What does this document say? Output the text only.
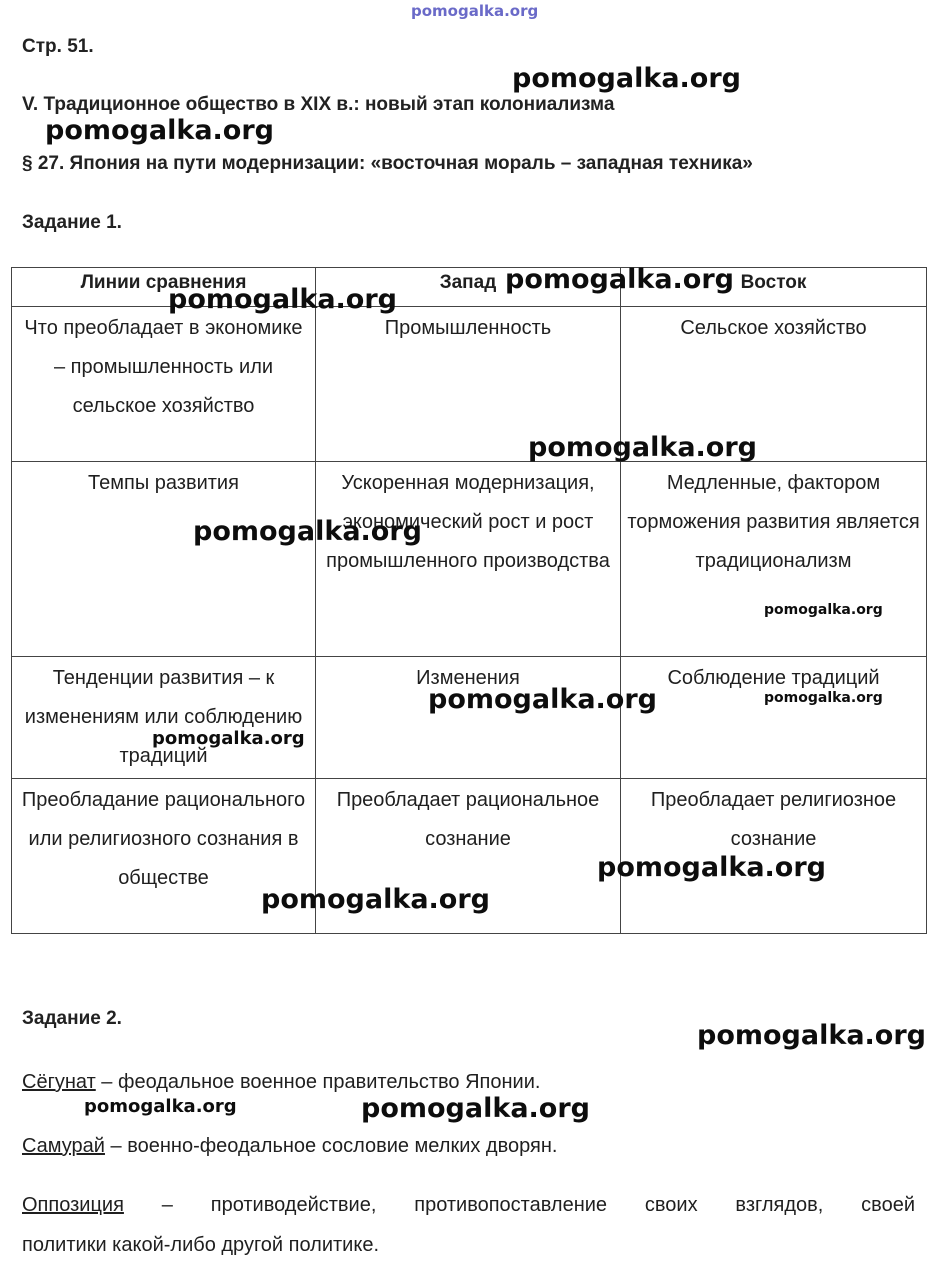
pomogalka.org
Стр. 51.
V. Традиционное общество в XIX в.: новый этап колониализма
§ 27. Япония на пути модернизации: «восточная мораль – западная техника»
Задание 1.
Линии сравнения	Запад	Восток
Что преобладает в экономике – промышленность или сельское хозяйство	Промышленность	Сельское хозяйство
Темпы развития	Ускоренная модернизация, экономический рост и рост промышленного производства	Медленные, фактором торможения развития является традиционализм
Тенденции развития – к изменениям или соблюдению традиций	Изменения	Соблюдение традиций
Преобладание рационального или религиозного сознания в обществе	Преобладает рациональное сознание	Преобладает религиозное сознание
Задание 2.
Сёгунат – феодальное военное правительство Японии.
Самурай – военно-феодальное сословие мелких дворян.
Оппозиция – противодействие, противопоставление своих взглядов, своей
политики какой-либо другой политике.
pomogalka.org
pomogalka.org
pomogalka.org
pomogalka.org
pomogalka.org
pomogalka.org
pomogalka.org
pomogalka.org	pomogalka.org
pomogalka.org
pomogalka.org
pomogalka.org
pomogalka.org
pomogalka.org	pomogalka.org
